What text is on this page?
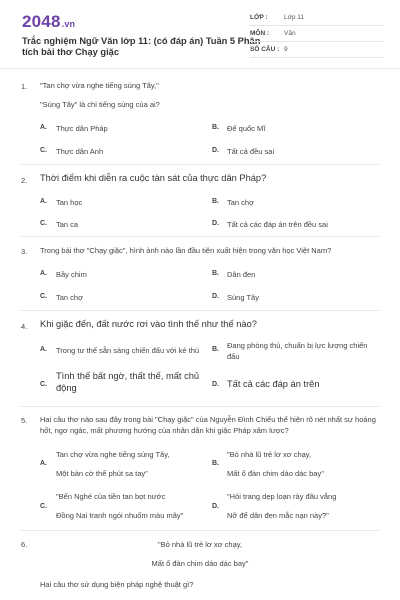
2048.vn
Trắc nghiệm Ngữ Văn lớp 11: (có đáp án) Tuần 5 Phân tích bài thơ Chạy giặc
LỚP :	Lớp 11
MÔN :	Văn
SỐ CÂU : 9
1. "Tan chợ vừa nghe tiếng súng Tây,"
"Súng Tây" là chỉ tiếng súng của ai?
A. Thực dân Pháp	B. Đế quốc Mĩ
C. Thực dân Anh	D. Tất cả đều sai
2. Thời điểm khi diễn ra cuộc tàn sát của thực dân Pháp?
A. Tan học	B. Tan chợ
C. Tan ca	D. Tất cả các đáp án trên đều sai
3. Trong bài thơ "Chạy giặc", hình ảnh nào lần đầu tiên xuất hiện trong văn học Việt Nam?
A. Bầy chim	B. Dân đen
C. Tan chợ	D. Súng Tây
4. Khi giặc đến, đất nước rơi vào tình thế như thế nào?
A. Trong tư thế sẵn sàng chiến đấu với kẻ thù	B. Đang phòng thủ, chuẩn bị lực lượng chiến đấu
C.
Tình thế bất ngờ, thất thế, mất chủ động	D. Tất cả các đáp án trên
5. Hai câu thơ nào sau đây trong bài "Chạy giặc" của Nguyễn Đình Chiểu thể hiện rõ nét nhất sự hoảng hốt, ngơ ngác, mất phương hướng của nhân dân khi giặc Pháp xâm lược?
A.
Tan chợ vừa nghe tiếng súng Tây,
Một bàn cờ thế phút sa tay"
B.
"Bỏ nhà lũ trẻ lơ xơ chạy,
Mất ổ đàn chim dáo dác bay"
C.
"Bến Nghé của tiền tan bọt nước
Đồng Nai tranh ngói nhuốm màu mây"
D.
"Hỏi trang dẹp loạn rày đâu vắng
Nỡ để dân đen mắc nạn này?"
6.	"Bỏ nhà lũ trẻ lơ xơ chạy,
Mất ổ đàn chim dáo dác bay"
Hai câu thơ sử dụng biện pháp nghệ thuật gì?
